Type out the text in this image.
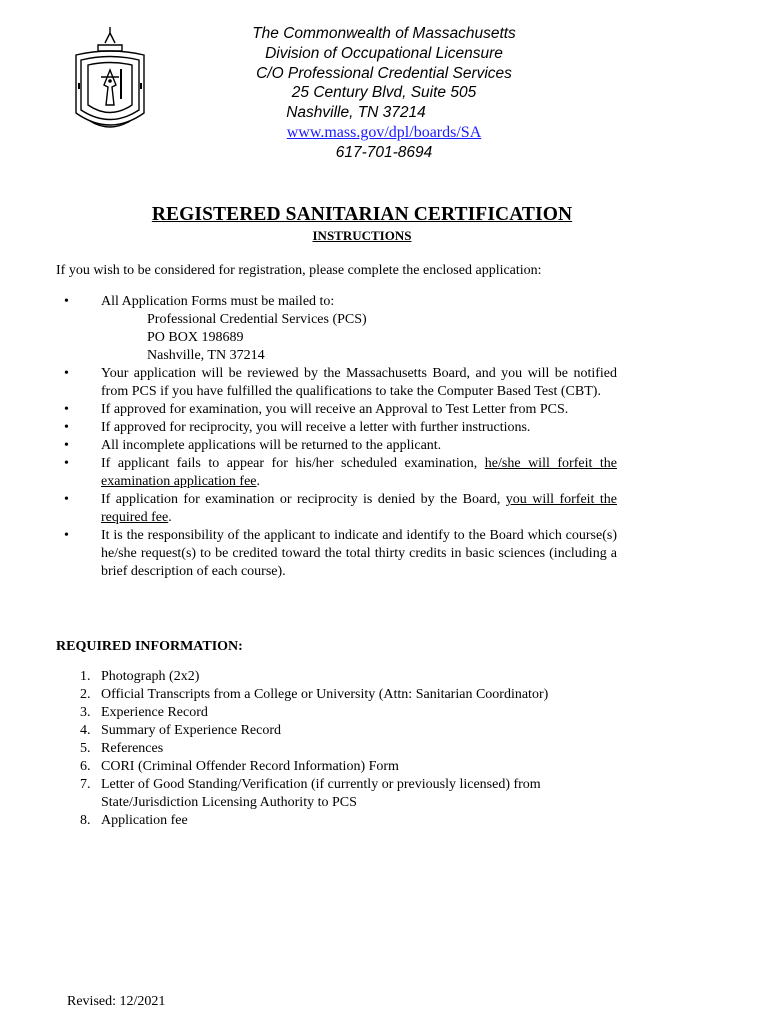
The Commonwealth of Massachusetts
Division of Occupational Licensure
C/O Professional Credential Services
25 Century Blvd, Suite 505
Nashville, TN 37214
www.mass.gov/dpl/boards/SA
617-701-8694
REGISTERED SANITARIAN CERTIFICATION
INSTRUCTIONS
If you wish to be considered for registration, please complete the enclosed application:
• All Application Forms must be mailed to:
Professional Credential Services (PCS)
PO BOX 198689
Nashville, TN 37214
• Your application will be reviewed by the Massachusetts Board, and you will be notified from PCS if you have fulfilled the qualifications to take the Computer Based Test (CBT).
• If approved for examination, you will receive an Approval to Test Letter from PCS.
• If approved for reciprocity, you will receive a letter with further instructions.
• All incomplete applications will be returned to the applicant.
• If applicant fails to appear for his/her scheduled examination, he/she will forfeit the examination application fee.
• If application for examination or reciprocity is denied by the Board, you will forfeit the required fee.
• It is the responsibility of the applicant to indicate and identify to the Board which course(s) he/she request(s) to be credited toward the total thirty credits in basic sciences (including a brief description of each course).
REQUIRED INFORMATION:
1. Photograph (2x2)
2. Official Transcripts from a College or University (Attn: Sanitarian Coordinator)
3. Experience Record
4. Summary of Experience Record
5. References
6. CORI (Criminal Offender Record Information) Form
7. Letter of Good Standing/Verification (if currently or previously licensed) from State/Jurisdiction Licensing Authority to PCS
8. Application fee
Revised: 12/2021
